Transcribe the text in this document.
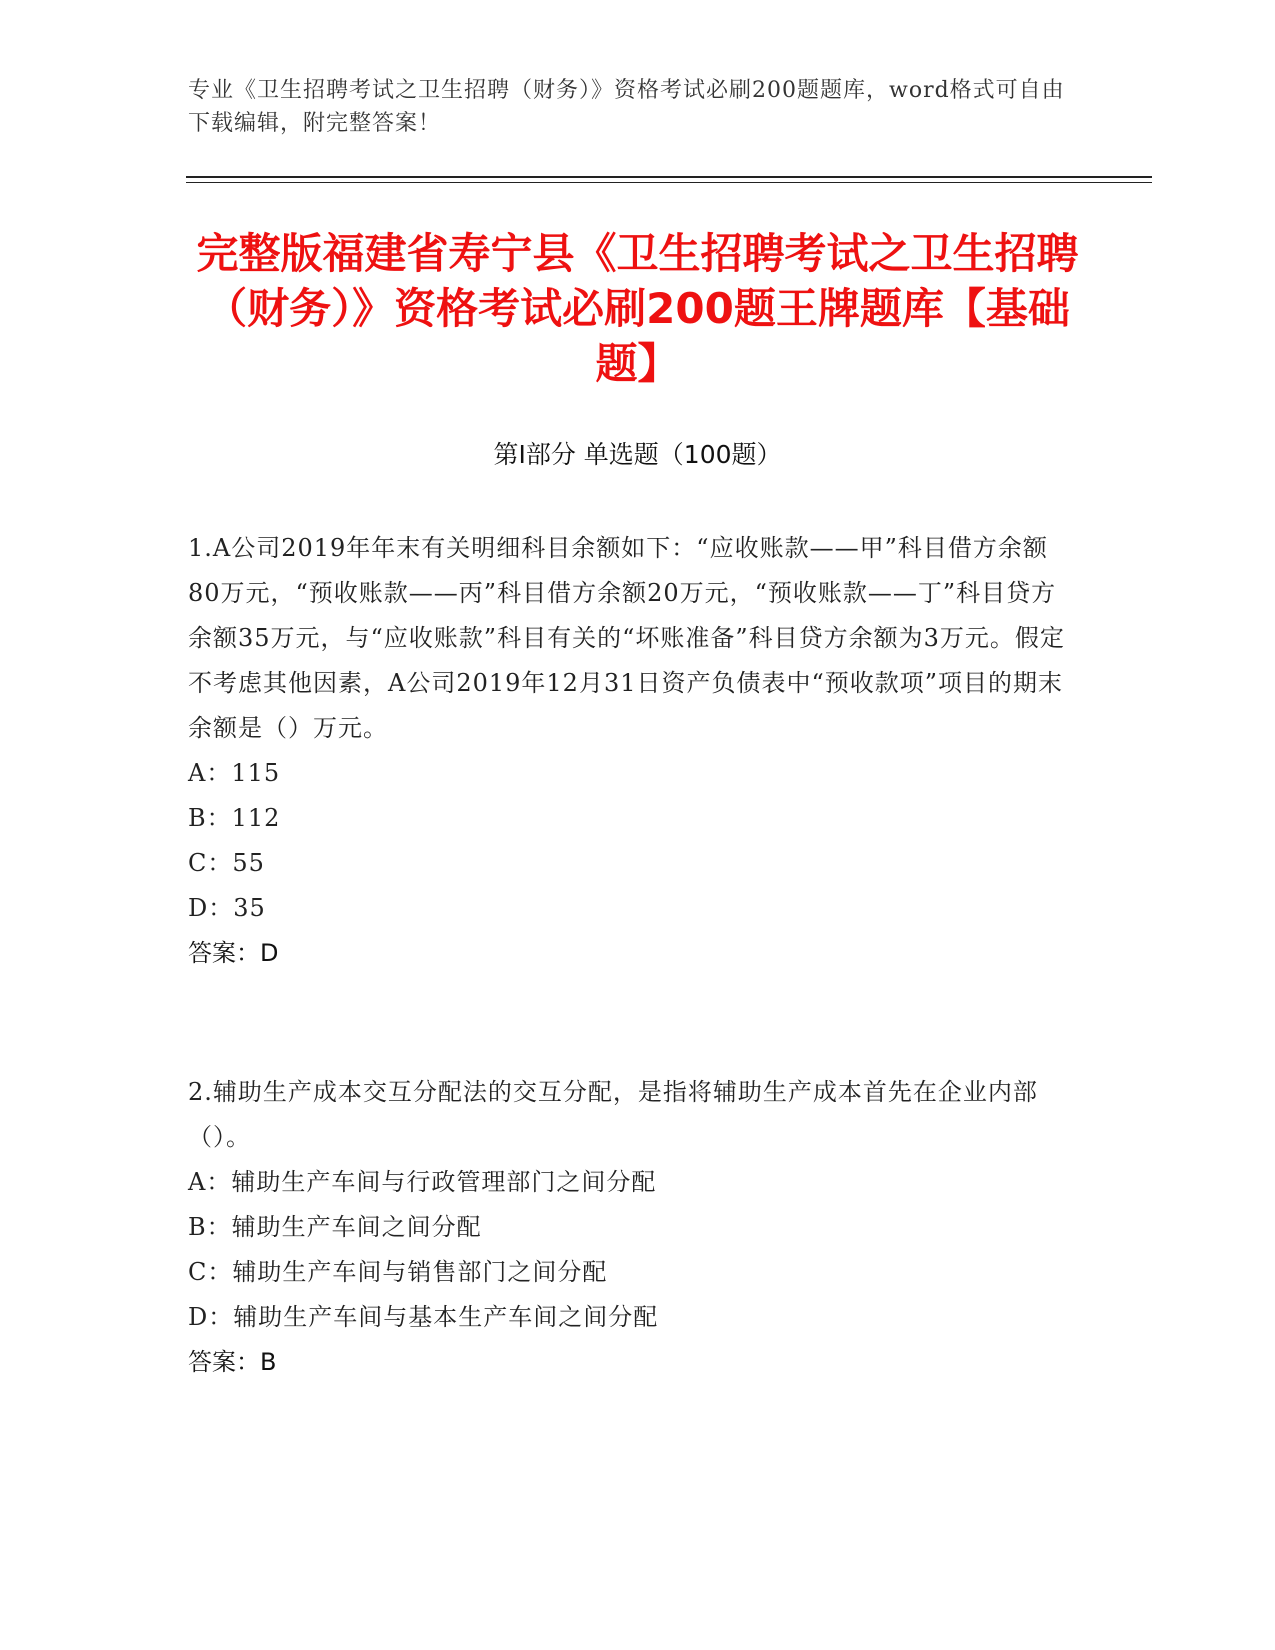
专业《卫生招聘考试之卫生招聘（财务）》资格考试必刷200题题库，word格式可自由下载编辑，附完整答案！
完整版福建省寿宁县《卫生招聘考试之卫生招聘（财务）》资格考试必刷200题王牌题库【基础题】
第I部分 单选题（100题）

1.A公司2019年年末有关明细科目余额如下：“应收账款——甲”科目借方余额80万元，“预收账款——丙”科目借方余额20万元，“预收账款——丁”科目贷方余额35万元，与“应收账款”科目有关的“坏账准备”科目贷方余额为3万元。假定不考虑其他因素，A公司2019年12月31日资产负债表中“预收款项”项目的期末余额是（）万元。

A：115

B：112

C：55

D：35

答案：D

2.辅助生产成本交互分配法的交互分配，是指将辅助生产成本首先在企业内部（）。

A：辅助生产车间与行政管理部门之间分配

B：辅助生产车间之间分配

C：辅助生产车间与销售部门之间分配

D：辅助生产车间与基本生产车间之间分配

答案：B
